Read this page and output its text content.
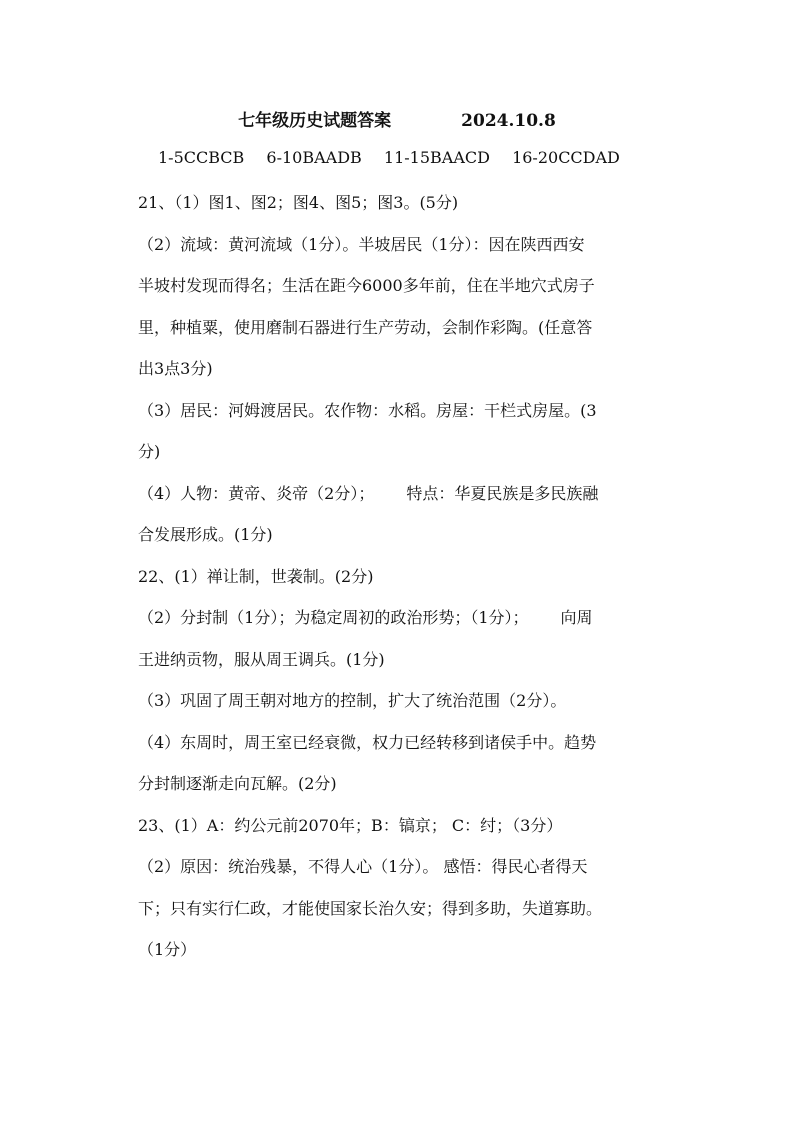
七年级历史试题答案	2024.10.8
1-5CCBCB 6-10BAADB 11-15BAACD 16-20CCDAD
21、（1）图1、图2；图4、图5；图3。(5分)
（2）流域：黄河流域（1分）。半坡居民（1分）：因在陕西西安
半坡村发现而得名；生活在距今6000多年前，住在半地穴式房子
里，种植粟，使用磨制石器进行生产劳动，会制作彩陶。(任意答
出3点3分)
（3）居民：河姆渡居民。农作物：水稻。房屋：干栏式房屋。(3
分)
（4）人物：黄帝、炎帝（2分）； 特点：华夏民族是多民族融
合发展形成。(1分)
22、(1）禅让制，世袭制。(2分)
（2）分封制（1分）；为稳定周初的政治形势；（1分）； 向周
王进纳贡物，服从周王调兵。(1分)
（3）巩固了周王朝对地方的控制，扩大了统治范围（2分）。
（4）东周时，周王室已经衰微，权力已经转移到诸侯手中。趋势
分封制逐渐走向瓦解。(2分)
23、(1）A：约公元前2070年；B：镐京； C：纣；（3分）
（2）原因：统治残暴，不得人心（1分）。 感悟：得民心者得天
下；只有实行仁政，才能使国家长治久安；得到多助，失道寡助。
（1分）
